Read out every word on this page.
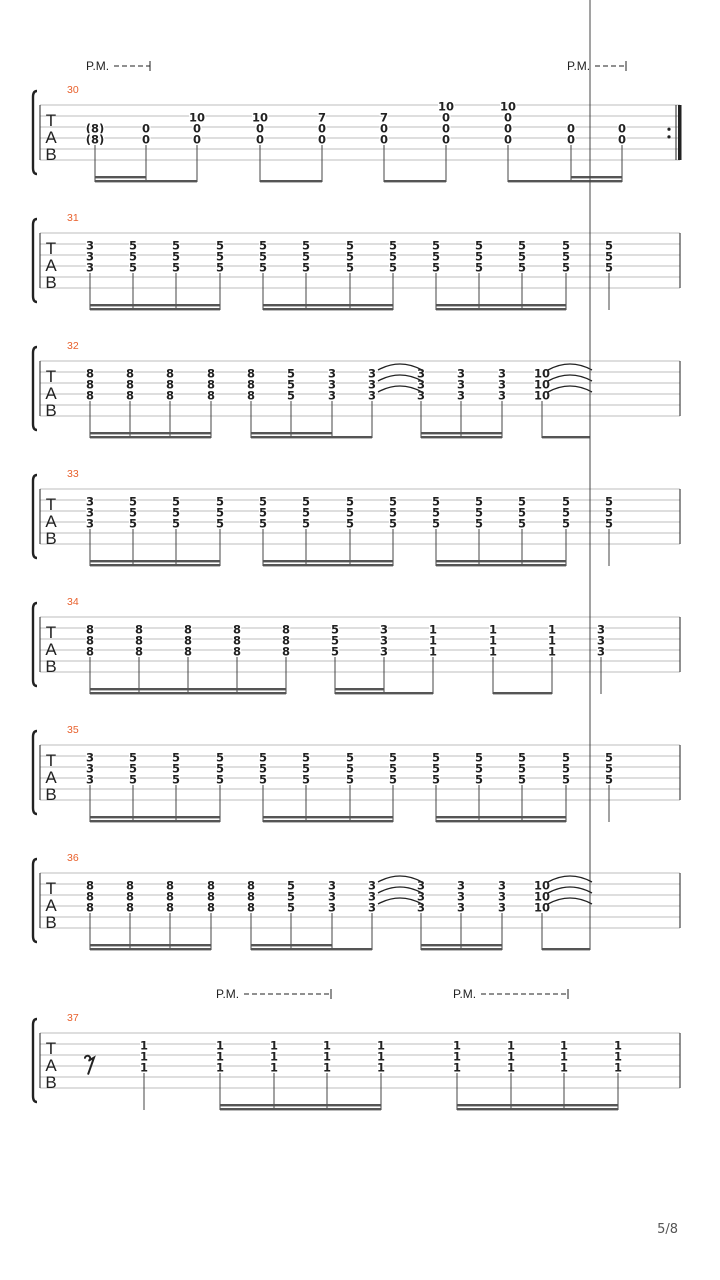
30
T
A
B
P.M.	P.M.
(8)
(8)
0
0
10
0
0
10
0
0
7
0
0
7
0
0
10
0
0
0
10
0
0
0
0
0
0
0
31
T
A
B
3
3
3
5
5
5
5
5
5
5
5
5
5
5
5
5
5
5
5
5
5
5
5
5
5
5
5
5
5
5
5
5
5
5
5
5
5
5
5
32
T
A
B
8
8
8
8
8
8
8
8
8
8
8
8
8
8
8
5
5
5
3
3
3
3
3
3
3
3
3
3
3
3
3
3
3
10
10
10
33
T
A
B
3
3
3
5
5
5
5
5
5
5
5
5
5
5
5
5
5
5
5
5
5
5
5
5
5
5
5
5
5
5
5
5
5
5
5
5
5
5
5
34
T
A
B
8
8
8
8
8
8
8
8
8
8
8
8
8
8
8
5
5
5
3
3
3
1
1
1
1
1
1
1
1
1
3
3
3
35
T
A
B
3
3
3
5
5
5
5
5
5
5
5
5
5
5
5
5
5
5
5
5
5
5
5
5
5
5
5
5
5
5
5
5
5
5
5
5
5
5
5
36
T
A
B
8
8
8
8
8
8
8
8
8
8
8
8
8
8
8
5
5
5
3
3
3
3
3
3
3
3
3
3
3
3
3
3
3
10
10
10
37
T
A
B
P.M.	P.M.
1
1
1
1
1
1
1
1
1
1
1
1
1
1
1
1
1
1
1
1
1
1
1
1
1
1
1
5/8
